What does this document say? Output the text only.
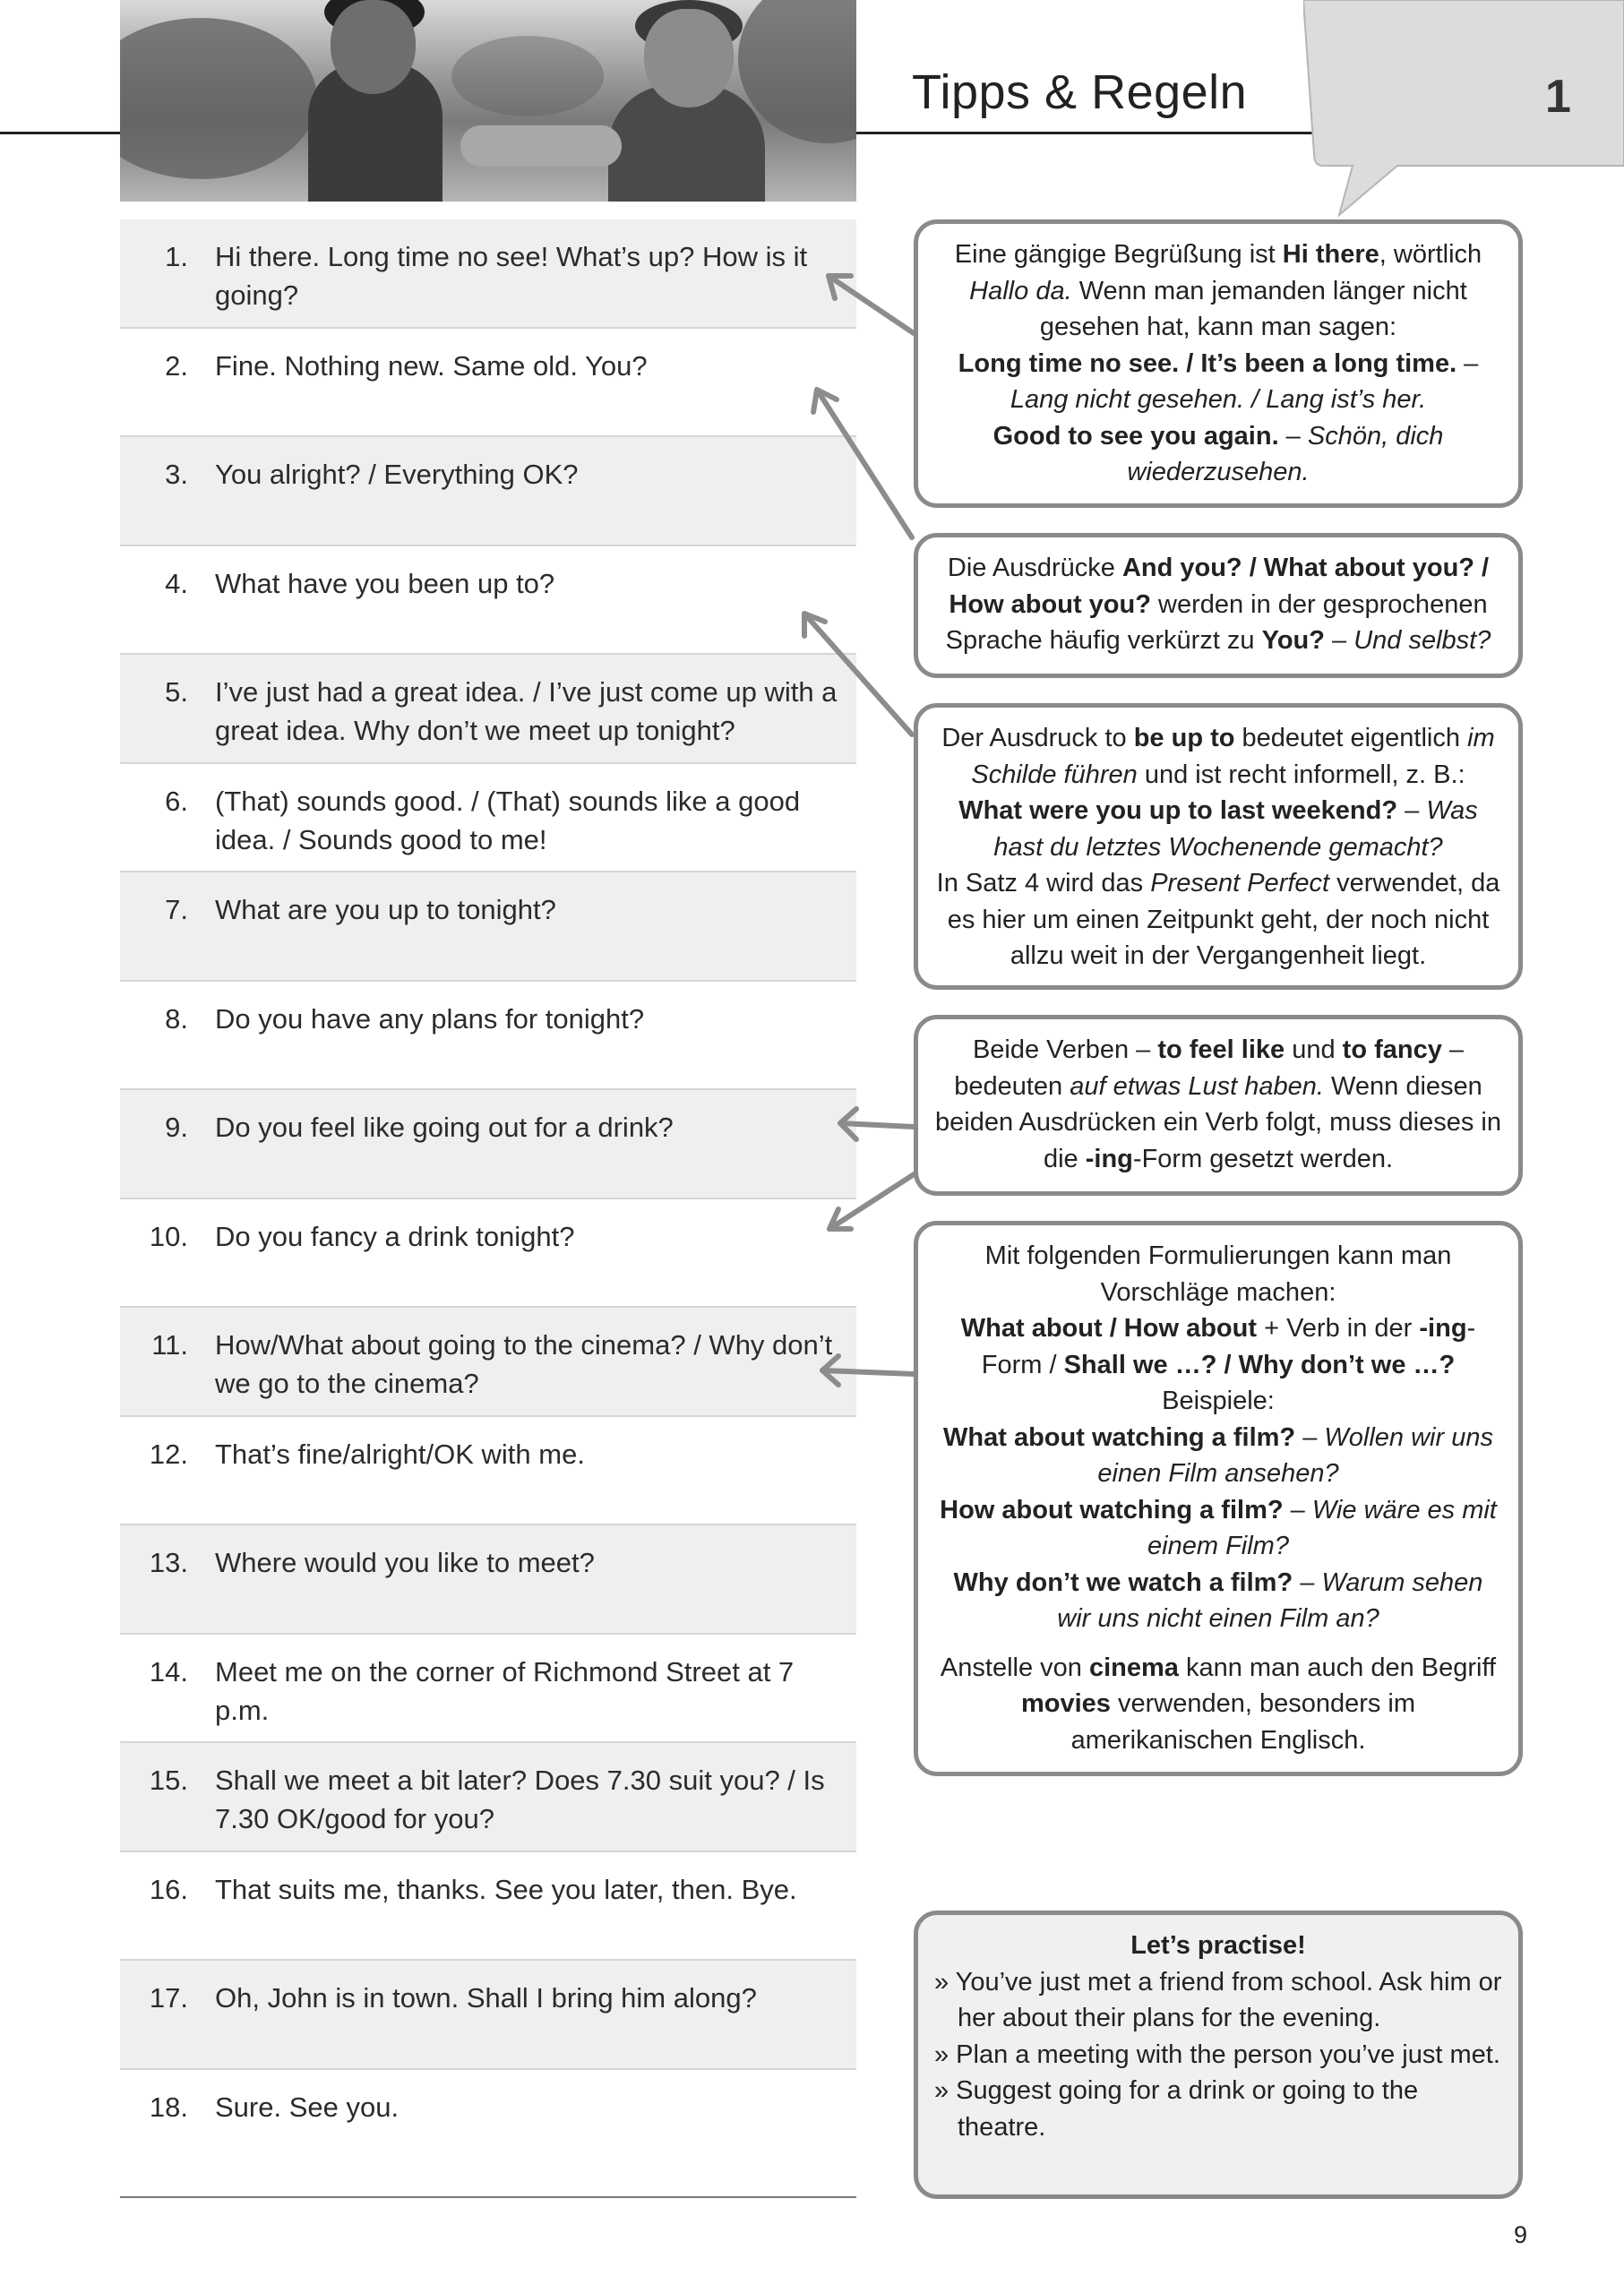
Tipps & Regeln	1
1. Hi there. Long time no see! What’s up? How is it going?
2. Fine. Nothing new. Same old. You?
3. You alright? / Everything OK?
4. What have you been up to?
5. I’ve just had a great idea. / I’ve just come up with a great idea. Why don’t we meet up tonight?
6. (That) sounds good. / (That) sounds like a good idea. / Sounds good to me!
7. What are you up to tonight?
8. Do you have any plans for tonight?
9. Do you feel like going out for a drink?
10. Do you fancy a drink tonight?
11. How/What about going to the cinema? / Why don’t we go to the cinema?
12. That’s fine/alright/OK with me.
13. Where would you like to meet?
14. Meet me on the corner of Richmond Street at 7 p.m.
15. Shall we meet a bit later? Does 7.30 suit you? / Is 7.30 OK/good for you?
16. That suits me, thanks. See you later, then. Bye.
17. Oh, John is in town. Shall I bring him along?
18. Sure. See you.

Eine gängige Begrüßung ist Hi there, wörtlich Hallo da. Wenn man jemanden länger nicht gesehen hat, kann man sagen:

Long time no see. / It’s been a long time. –

Lang nicht gesehen. / Lang ist’s her.

Good to see you again. – Schön, dich wiederzusehen.

Die Ausdrücke And you? / What about you? / How about you? werden in der gesprochenen Sprache häufig verkürzt zu You? – Und selbst?

Der Ausdruck to be up to bedeutet eigentlich im Schilde führen und ist recht informell, z. B.:

What were you up to last weekend? – Was hast du letztes Wochenende gemacht?

In Satz 4 wird das Present Perfect verwendet, da es hier um einen Zeitpunkt geht, der noch nicht allzu weit in der Vergangenheit liegt.

Beide Verben – to feel like und to fancy – bedeuten auf etwas Lust haben. Wenn diesen beiden Ausdrücken ein Verb folgt, muss dieses in die -ing-Form gesetzt werden.

Mit folgenden Formulierungen kann man Vorschläge machen:

What about / How about + Verb in der -ing-Form / Shall we …? / Why don’t we …?

Beispiele:

What about watching a film? – Wollen wir uns einen Film ansehen?

How about watching a film? – Wie wäre es mit einem Film?

Why don’t we watch a film? – Warum sehen wir uns nicht einen Film an?

Anstelle von cinema kann man auch den Begriff movies verwenden, besonders im amerikanischen Englisch.

Let’s practise!

» You’ve just met a friend from school. Ask him or her about their plans for the evening.

» Plan a meeting with the person you’ve just met.

» Suggest going for a drink or going to the theatre.

9
